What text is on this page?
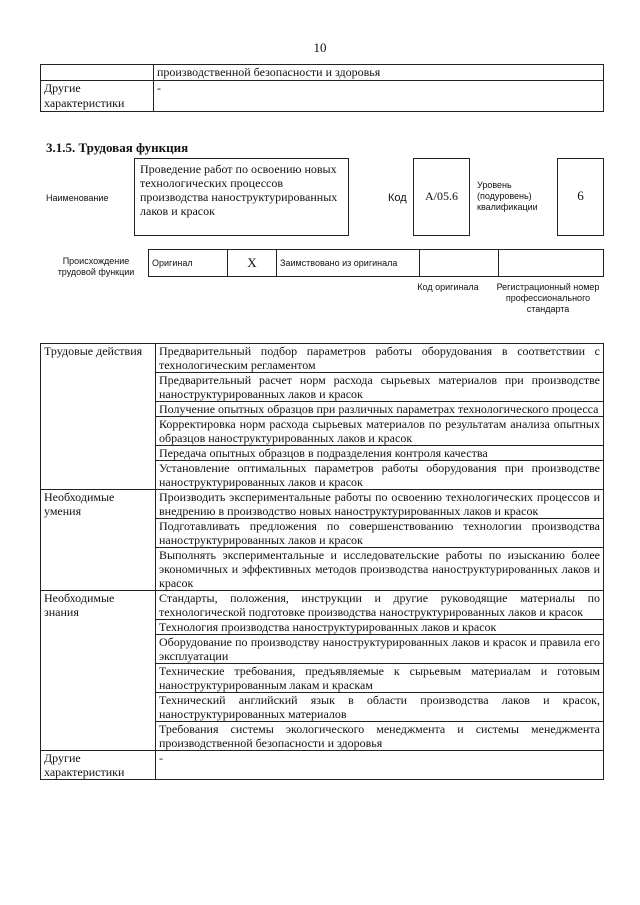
10
	производственной безопасности и здоровья
Другие характеристики	-
3.1.5. Трудовая функция
Наименование
Проведение работ по освоению новых технологических процессов производства наноструктурированных лаков и красок
Код	A/05.6
Уровень (подуровень) квалификации
6
Происхождение трудовой функции
Оригинал	X	Заимствовано из оригинала		
Код оригинала	Регистрационный номер профессионального стандарта
Трудовые действия	Предварительный подбор параметров работы оборудования в соответствии с технологическим регламентом
	Предварительный расчет норм расхода сырьевых материалов при производстве наноструктурированных лаков и красок
	Получение опытных образцов при различных параметрах технологического процесса
	Корректировка норм расхода сырьевых материалов по результатам анализа опытных образцов наноструктурированных лаков и красок
	Передача опытных образцов в подразделения контроля качества
	Установление оптимальных параметров работы оборудования при производстве наноструктурированных лаков и красок
Необходимые умения	Производить экспериментальные работы по освоению технологических процессов и внедрению в производство новых наноструктурированных лаков и красок
	Подготавливать предложения по совершенствованию технологии производства наноструктурированных лаков и красок
	Выполнять экспериментальные и исследовательские работы по изысканию более экономичных и эффективных методов производства наноструктурированных лаков и красок
Необходимые знания	Стандарты, положения, инструкции и другие руководящие материалы по технологической подготовке производства наноструктурированных лаков и красок
	Технология производства наноструктурированных лаков и красок
	Оборудование по производству наноструктурированных лаков и красок и правила его эксплуатации
	Технические требования, предъявляемые к сырьевым материалам и готовым наноструктурированным лакам и краскам
	Технический английский язык в области производства лаков и красок, наноструктурированных материалов
	Требования системы экологического менеджмента и системы менеджмента производственной безопасности и здоровья
Другие характеристики	-
